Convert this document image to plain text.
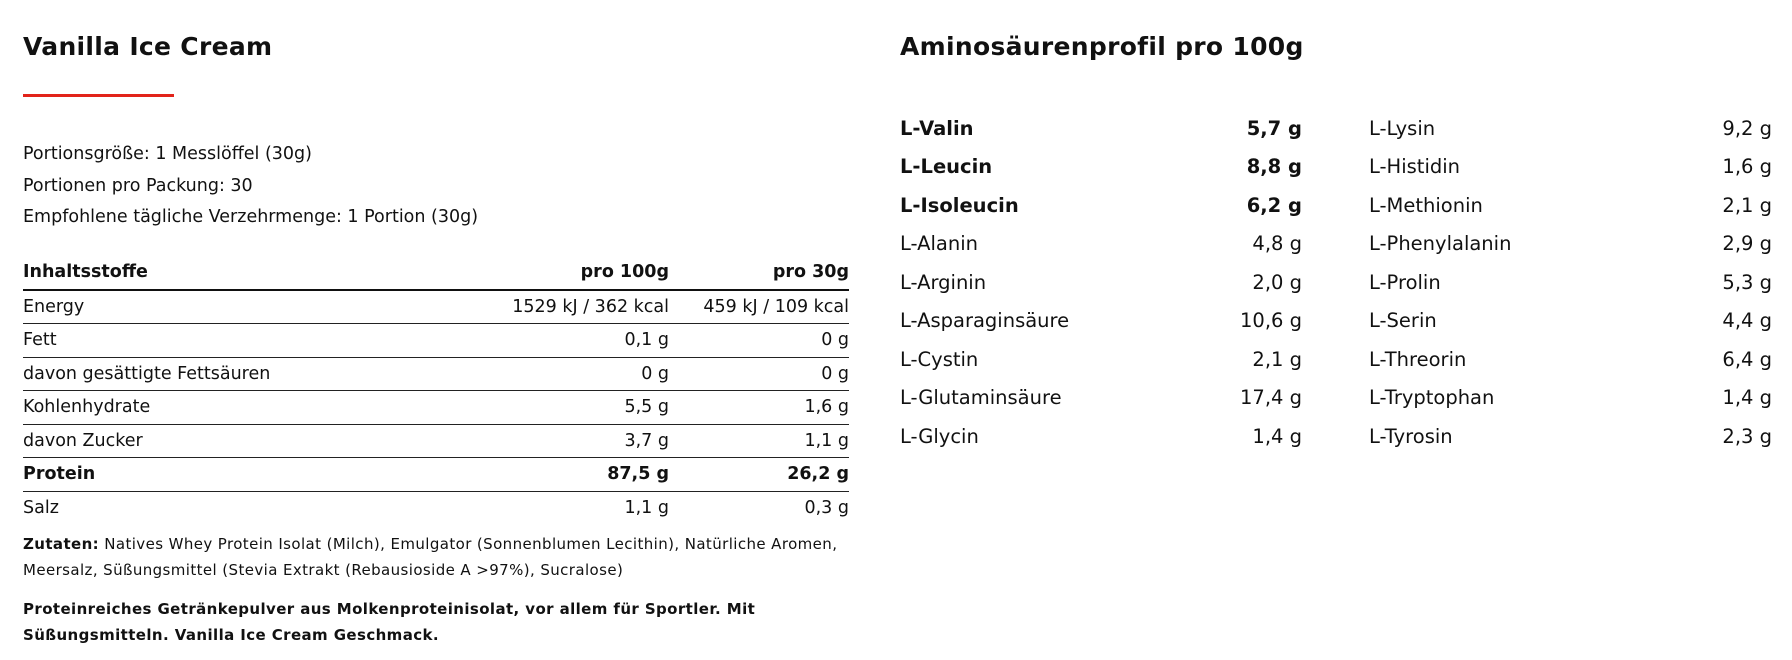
Vanilla Ice Cream
Portionsgröße: 1 Messlöffel (30g)
Portionen pro Packung: 30
Empfohlene tägliche Verzehrmenge: 1 Portion (30g)
Inhaltsstoffe	pro 100g	pro 30g
Energy	1529 kJ / 362 kcal	459 kJ / 109 kcal
Fett	0,1 g	0 g
davon gesättigte Fettsäuren	0 g	0 g
Kohlenhydrate	5,5 g	1,6 g
davon Zucker	3,7 g	1,1 g
Protein	87,5 g	26,2 g
Salz	1,1 g	0,3 g
Zutaten: Natives Whey Protein Isolat (Milch), Emulgator (Sonnenblumen Lecithin), Natürliche Aromen, Meersalz, Süßungsmittel (Stevia Extrakt (Rebausioside A >97%), Sucralose)
Proteinreiches Getränkepulver aus Molkenproteinisolat, vor allem für Sportler. Mit Süßungsmitteln. Vanilla Ice Cream Geschmack.
Aminosäurenprofil pro 100g
L-Valin	5,7 g
L-Leucin	8,8 g
L-Isoleucin	6,2 g
L-Alanin	4,8 g
L-Arginin	2,0 g
L-Asparaginsäure	10,6 g
L-Cystin	2,1 g
L-Glutaminsäure	17,4 g
L-Glycin	1,4 g
L-Lysin	9,2 g
L-Histidin	1,6 g
L-Methionin	2,1 g
L-Phenylalanin	2,9 g
L-Prolin	5,3 g
L-Serin	4,4 g
L-Threorin	6,4 g
L-Tryptophan	1,4 g
L-Tyrosin	2,3 g
